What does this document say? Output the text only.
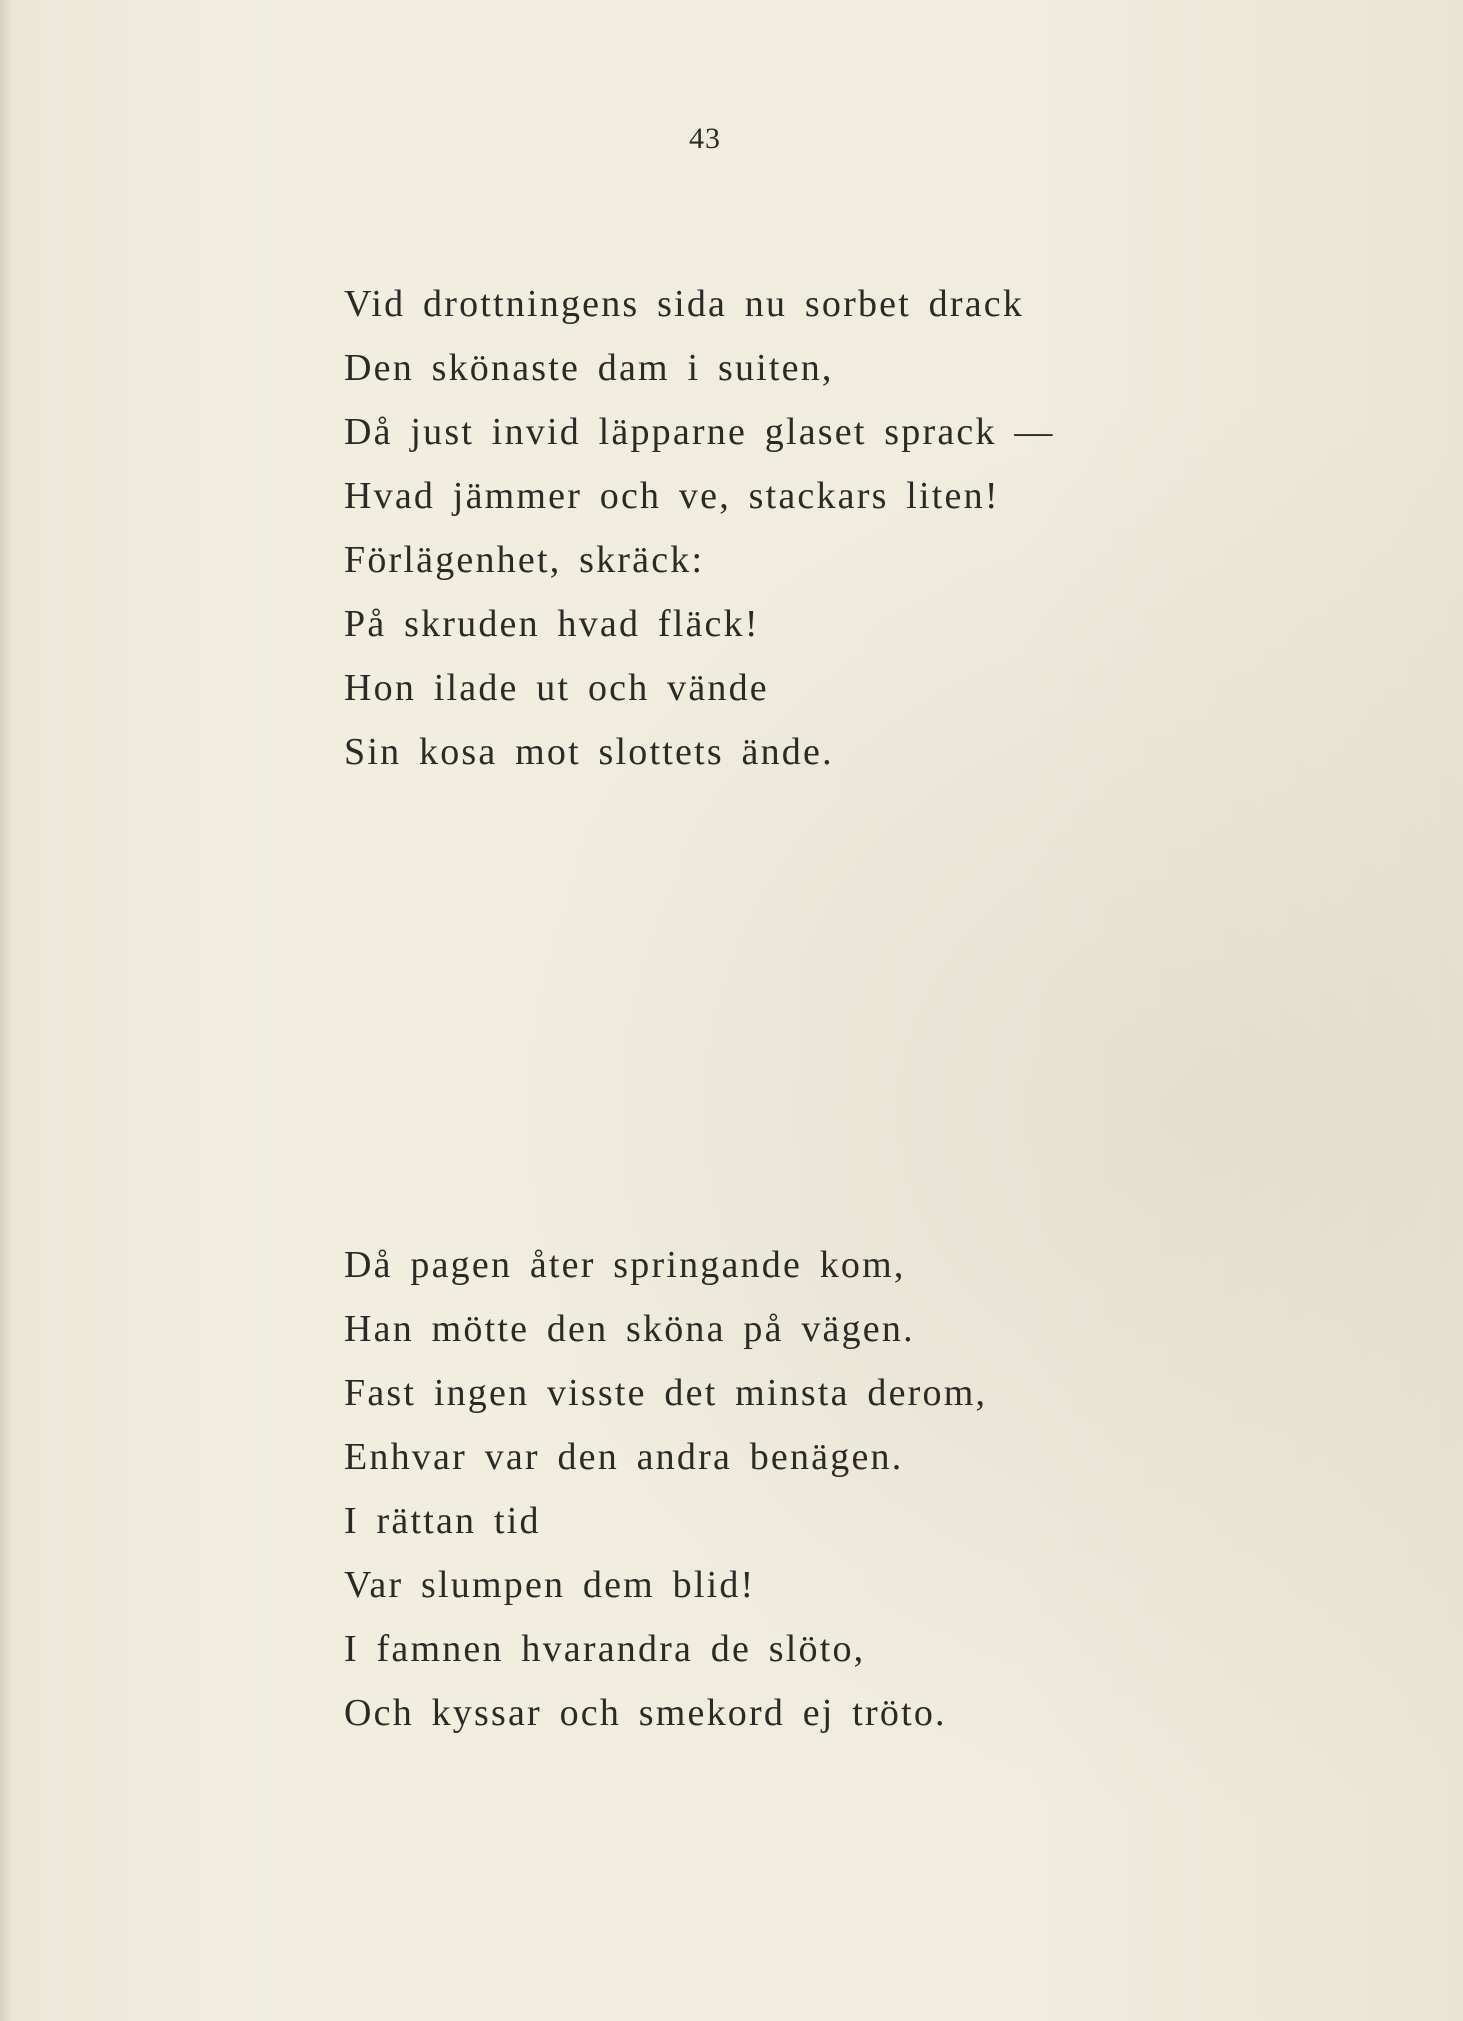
43
Vid drottningens sida nu sorbet drack
Den skönaste dam i suiten,
Då just invid läpparne glaset sprack —
Hvad jämmer och ve, stackars liten!
Förlägenhet, skräck:
På skruden hvad fläck!
Hon ilade ut och vände
Sin kosa mot slottets ände.
Då pagen åter springande kom,
Han mötte den sköna på vägen.
Fast ingen visste det minsta derom,
Enhvar var den andra benägen.
I rättan tid
Var slumpen dem blid!
I famnen hvarandra de slöto,
Och kyssar och smekord ej tröto.
